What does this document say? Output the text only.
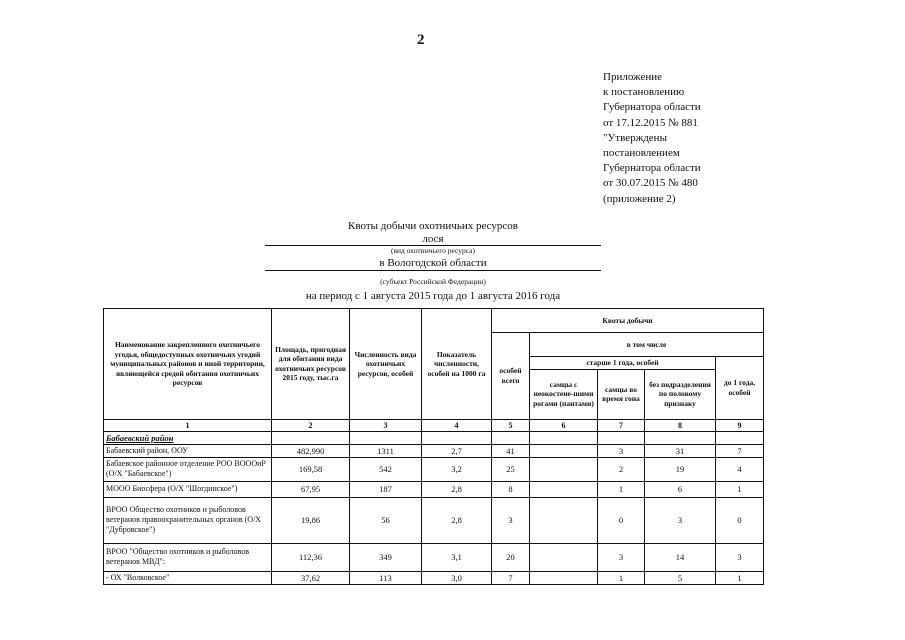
2
Приложение
к постановлению
Губернатора области
от 17.12.2015 № 881
"Утверждены
постановлением
Губернатора области
от 30.07.2015 № 480
(приложение 2)
Квоты добычи охотничьих ресурсов
лося
(вид охотничьего ресурса)
в Вологодской области
(субъект Российской Федерации)
на период с 1 августа 2015 года до 1 августа 2016 года
Наименование закрепленного охотничьего угодья, общедоступных охотничьих угодий муниципальных районов и иной территории, являющейся средой обитания охотничьих ресурсов	Площадь, пригодная для обитания вида охотничьих ресурсов 2015 году, тыс.га	Численность вида охотничьих ресурсов, особей	Показатель численности, особей на 1000 га	Квоты добычи				
				особей всего	в том числе			
					старше 1 года, особей			до 1 года, особей
					самцы с неокостене-шими рогами (пантами)	самцы во время гона	без подразделения по половому признаку	
1	2	3	4	5	6	7	8	9
Бабаевский район								
Бабаевский район, ООУ	482,990	1311	2,7	41		3	31	7
Бабаевское районное отделение РОО ВОООиР (О/Х "Бабаевское")	169,58	542	3,2	25		2	19	4
МООО Биосфера (О/Х "Шогдинское")	67,95	187	2,8	8		1	6	1
ВРОО Общество охотников и рыболовов ветеранов правоохранительных органов (О/Х "Дубровское")	19,86	56	2,8	3		0	3	0
ВРОО "Общество охотников и рыболовов ветеранов МВД":	112,36	349	3,1	20		3	14	3
- ОХ "Волковское"	37,62	113	3,0	7		1	5	1
